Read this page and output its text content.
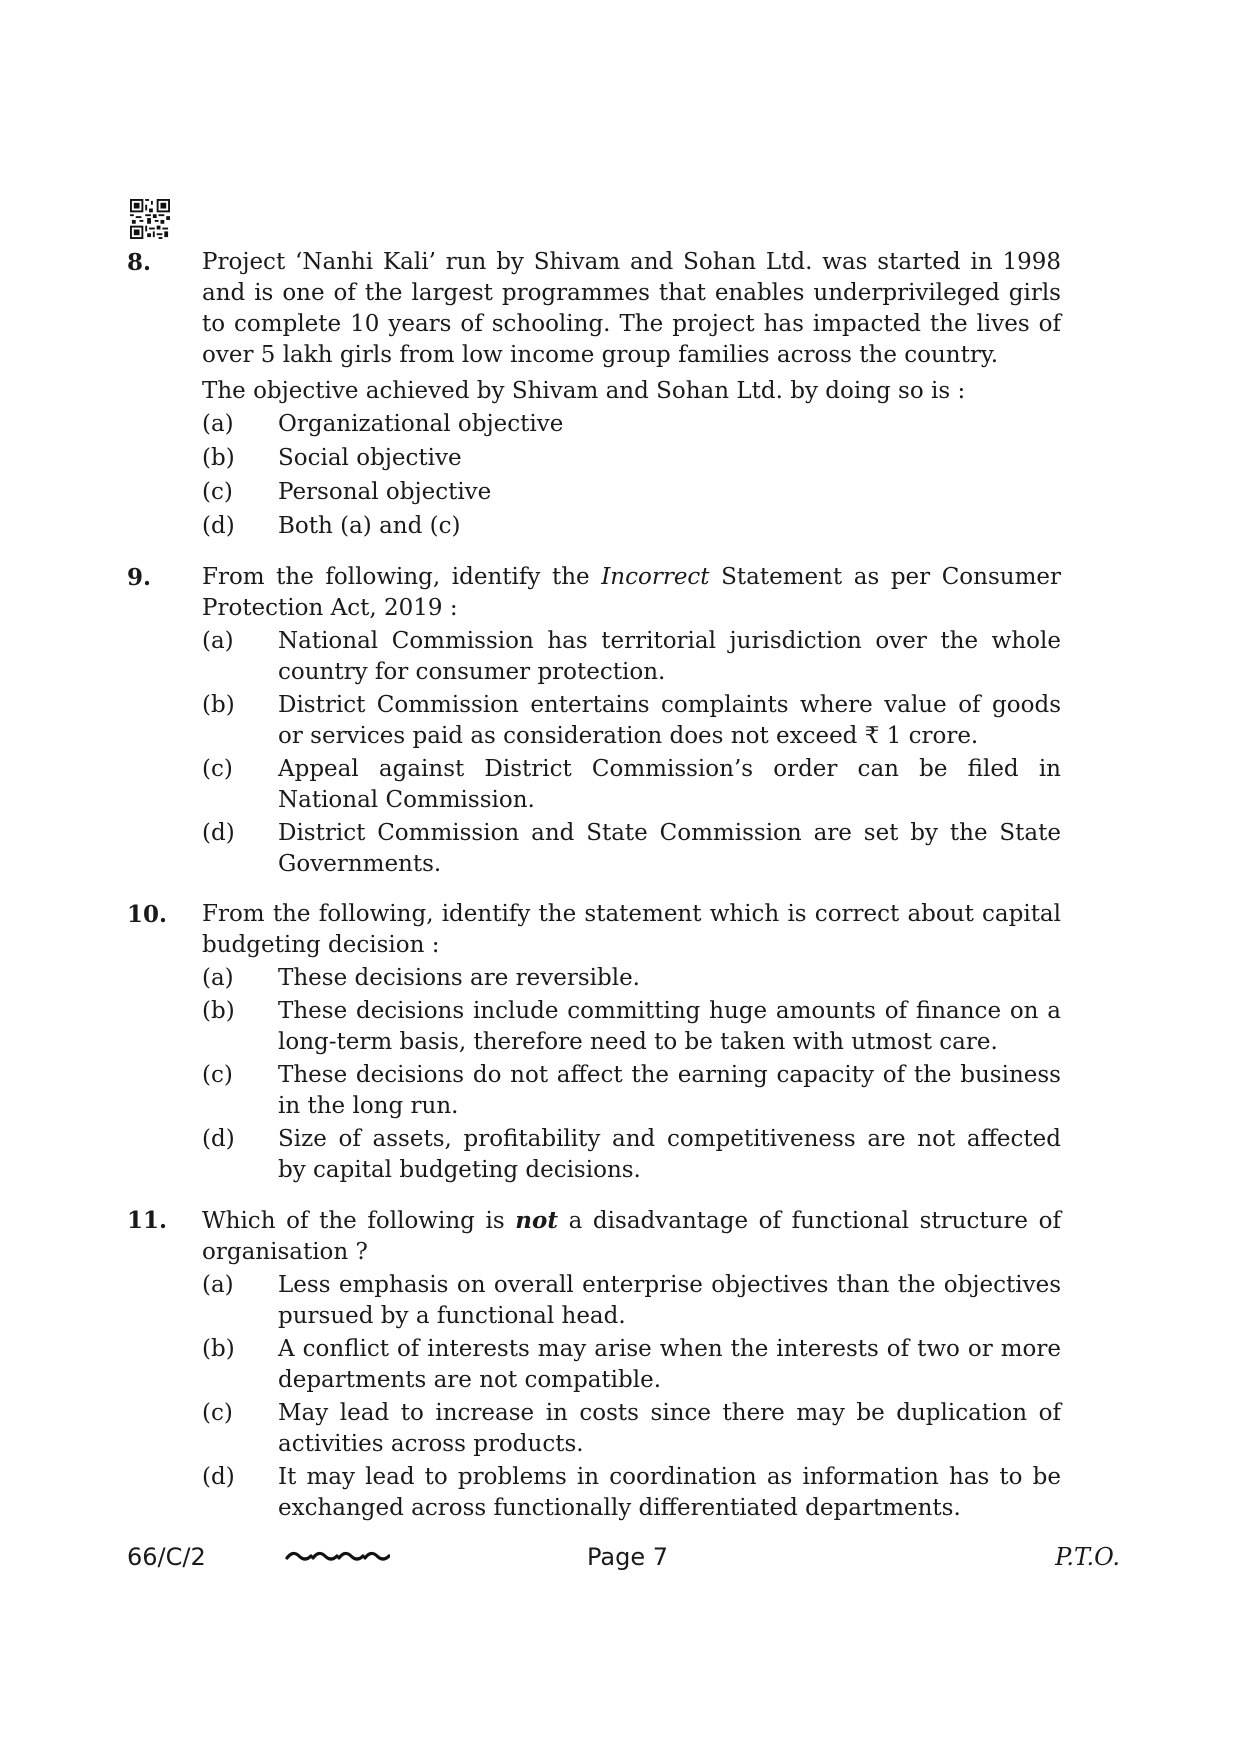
8.	Project ‘Nanhi Kali’ run by Shivam and Sohan Ltd. was started in 1998 and is one of the largest programmes that enables underprivileged girls to complete 10 years of schooling. The project has impacted the lives of over 5 lakh girls from low income group families across the country.
The objective achieved by Shivam and Sohan Ltd. by doing so is :
(a)	Organizational objective
(b)	Social objective
(c)	Personal objective
(d)	Both (a) and (c)
9.	From the following, identify the Incorrect Statement as per Consumer Protection Act, 2019 :
(a)	National Commission has territorial jurisdiction over the whole country for consumer protection.
(b)	District Commission entertains complaints where value of goods or services paid as consideration does not exceed ₹ 1 crore.
(c)	Appeal against District Commission’s order can be filed in National Commission.
(d)	District Commission and State Commission are set by the State Governments.
10.	From the following, identify the statement which is correct about capital budgeting decision :
(a)	These decisions are reversible.
(b)	These decisions include committing huge amounts of finance on a long-term basis, therefore need to be taken with utmost care.
(c)	These decisions do not affect the earning capacity of the business in the long run.
(d)	Size of assets, profitability and competitiveness are not affected by capital budgeting decisions.
11.	Which of the following is not a disadvantage of functional structure of organisation ?
(a)	Less emphasis on overall enterprise objectives than the objectives pursued by a functional head.
(b)	A conflict of interests may arise when the interests of two or more departments are not compatible.
(c)	May lead to increase in costs since there may be duplication of activities across products.
(d)	It may lead to problems in coordination as information has to be exchanged across functionally differentiated departments.
66/C/2	Page 7	P.T.O.
